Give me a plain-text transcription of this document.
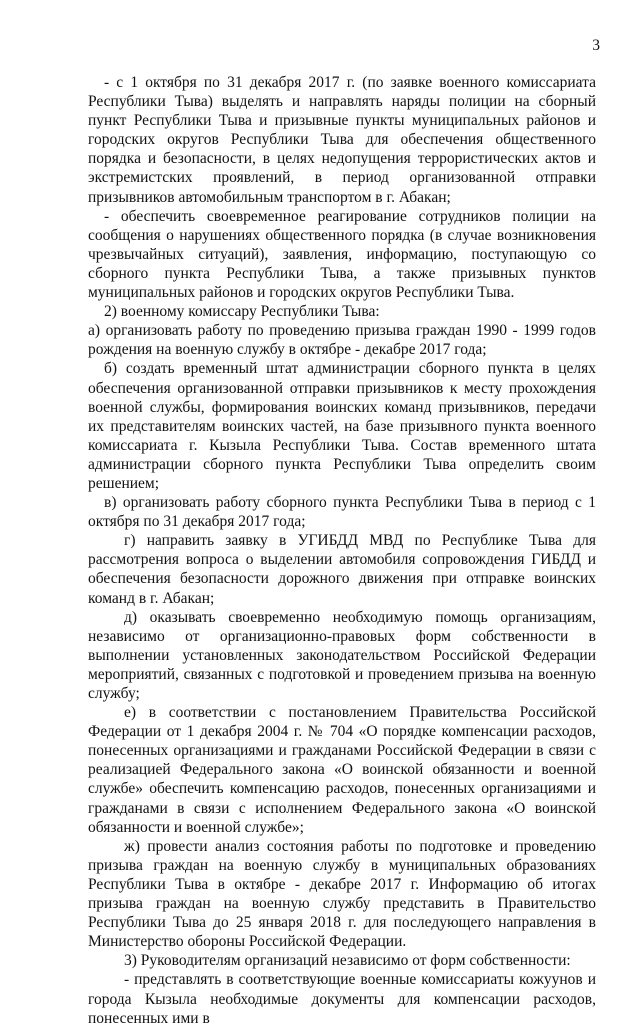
3

- с 1 октября по 31 декабря 2017 г. (по заявке военного комиссариата Республики Тыва) выделять и направлять наряды полиции на сборный пункт Республики Тыва и призывные пункты муниципальных районов и городских округов Республики Тыва для обеспечения общественного порядка и безопасности, в целях недопущения террористических актов и экстремистских проявлений, в период организованной отправки призывников автомобильным транспортом в г. Абакан;

- обеспечить своевременное реагирование сотрудников полиции на сообщения о нарушениях общественного порядка (в случае возникновения чрезвычайных ситуаций), заявления, информацию, поступающую со сборного пункта Республики Тыва, а также призывных пунктов муниципальных районов и городских округов Республики Тыва.

2) военному комиссару Республики Тыва:

а) организовать работу по проведению призыва граждан 1990 - 1999 годов рождения на военную службу в октябре - декабре 2017 года;

б) создать временный штат администрации сборного пункта в целях обеспечения организованной отправки призывников к месту прохождения военной службы, формирования воинских команд призывников, передачи их представителям воинских частей, на базе призывного пункта военного комиссариата г. Кызыла Республики Тыва. Состав временного штата администрации сборного пункта Республики Тыва определить своим решением;

в) организовать работу сборного пункта Республики Тыва в период с 1 октября по 31 декабря 2017 года;

г) направить заявку в УГИБДД МВД по Республике Тыва для рассмотрения вопроса о выделении автомобиля сопровождения ГИБДД и обеспечения безопасности дорожного движения при отправке воинских команд в г. Абакан;

д) оказывать своевременно необходимую помощь организациям, независимо от организационно-правовых форм собственности в выполнении установленных законодательством Российской Федерации мероприятий, связанных с подготовкой и проведением призыва на военную службу;

е) в соответствии с постановлением Правительства Российской Федерации от 1 декабря 2004 г. № 704 «О порядке компенсации расходов, понесенных организациями и гражданами Российской Федерации в связи с реализацией Федерального закона «О воинской обязанности и военной службе» обеспечить компенсацию расходов, понесенных организациями и гражданами в связи с исполнением Федерального закона «О воинской обязанности и военной службе»;

ж) провести анализ состояния работы по подготовке и проведению призыва граждан на военную службу в муниципальных образованиях Республики Тыва в октябре - декабре 2017 г. Информацию об итогах призыва граждан на военную службу представить в Правительство Республики Тыва до 25 января 2018 г. для последующего направления в Министерство обороны Российской Федерации.

3) Руководителям организаций независимо от форм собственности:

- представлять в соответствующие военные комиссариаты кожуунов и города Кызыла необходимые документы для компенсации расходов, понесенных ими в
